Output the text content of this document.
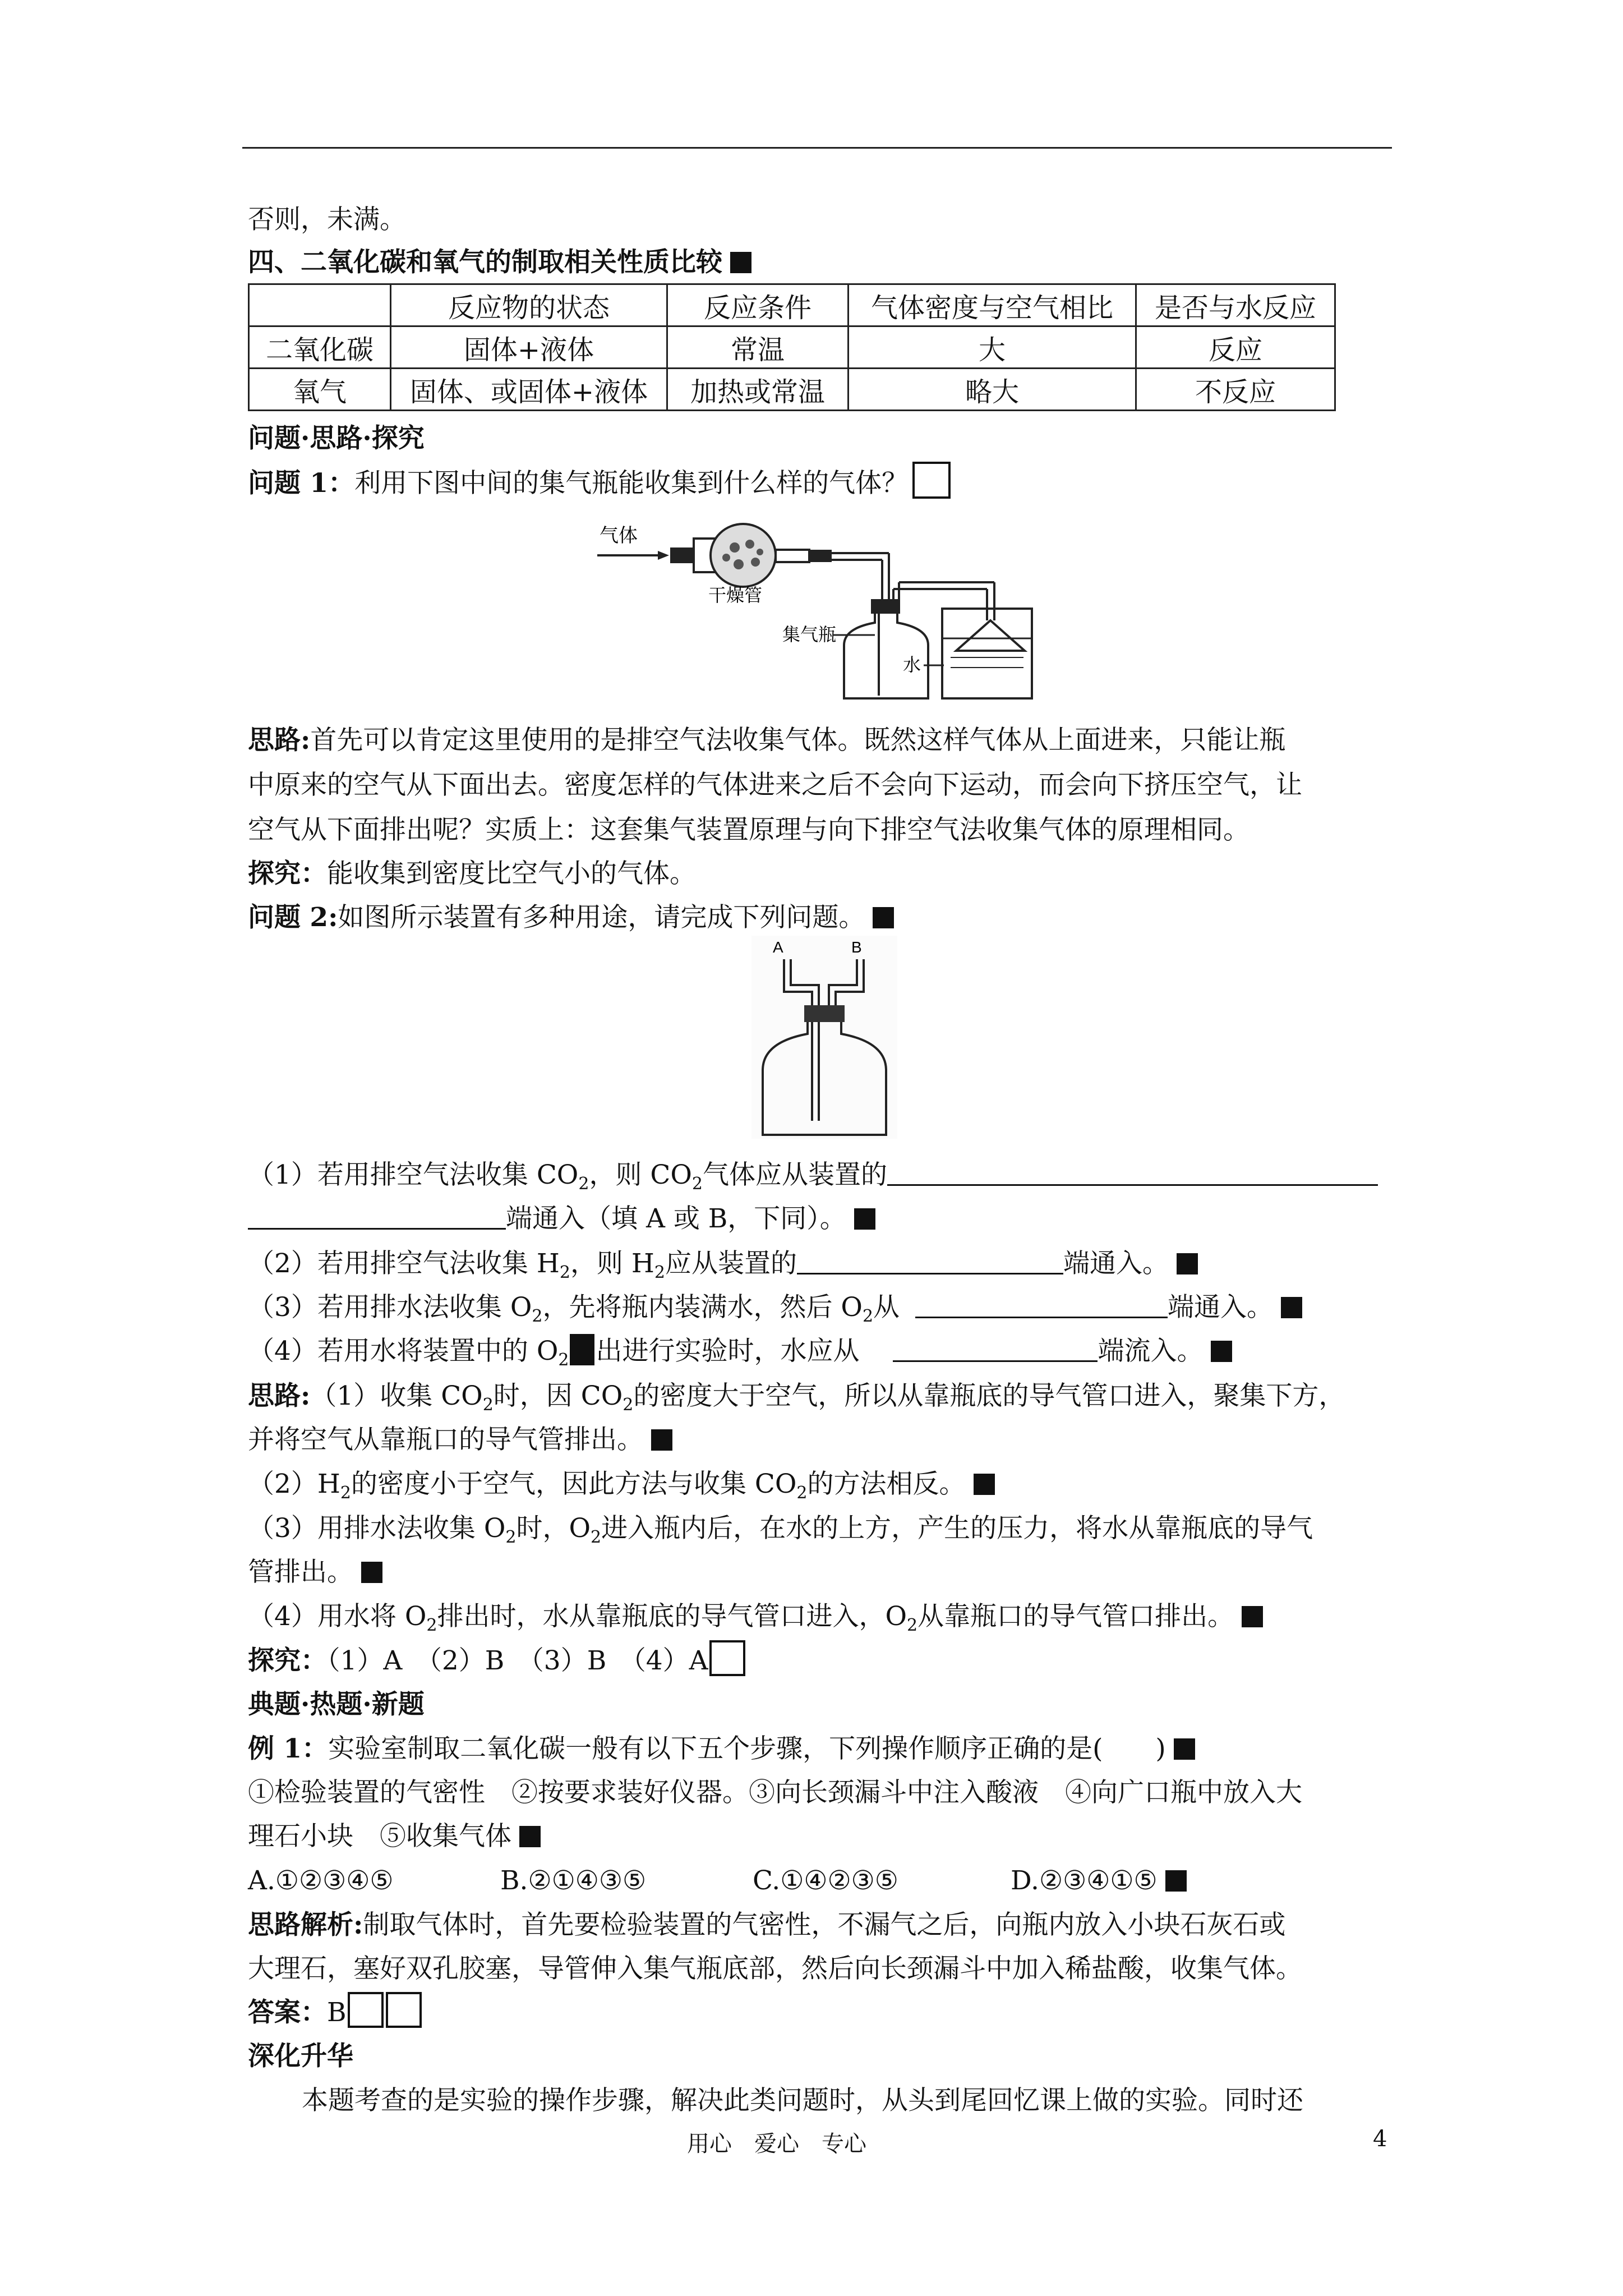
否则，未满。
四、二氧化碳和氧气的制取相关性质比较
	反应物的状态	反应条件	气体密度与空气相比	是否与水反应
二氧化碳	固体+液体	常温	大	反应
氧气	固体、或固体+液体	加热或常温	略大	不反应
问题·思路·探究
问题 1：利用下图中间的集气瓶能收集到什么样的气体？
气体
干燥管
集气瓶
水
思路:首先可以肯定这里使用的是排空气法收集气体。既然这样气体从上面进来，只能让瓶
中原来的空气从下面出去。密度怎样的气体进来之后不会向下运动，而会向下挤压空气，让
空气从下面排出呢？实质上：这套集气装置原理与向下排空气法收集气体的原理相同。
探究：能收集到密度比空气小的气体。
问题 2:如图所示装置有多种用途，请完成下列问题。
A	B
（1）若用排空气法收集 $CO_2$，则 $CO_2$气体应从装置的
端通入（填 A 或 B，下同）。
（2）若用排空气法收集 $H_2$，则 $H_2$应从装置的	端通入。
（3）若用排水法收集 $O_2$，先将瓶内装满水，然后 $O_2$从	端通入。
（4）若用水将装置中的 $O_2$ 出进行实验时，水应从	端流入。
思路:（1）收集 $CO_2$时，因 $CO_2$的密度大于空气，所以从靠瓶底的导气管口进入，聚集下方，
并将空气从靠瓶口的导气管排出。
$(2)H_2$的密度小于空气，因此方法与收集 $CO_2$的方法相反。
（3）用排水法收集 $O_2$时，$O_2$进入瓶内后，在水的上方，产生的压力，将水从靠瓶底的导气
管排出。
（4）用水将 $O_2$排出时，水从靠瓶底的导气管口进入，$O_2$从靠瓶口的导气管口排出。
探究：（1）A　（2）B　（3）B　（4）A
典题·热题·新题
例 1：实验室制取二氧化碳一般有以下五个步骤，下列操作顺序正确的是(　　)
①检验装置的气密性　②按要求装好仪器。③向长颈漏斗中注入酸液　④向广口瓶中放入大
理石小块　⑤收集气体
A.①②③④⑤	B.②①④③⑤	C.①④②③⑤	D.②③④①⑤
思路解析:制取气体时，首先要检验装置的气密性，不漏气之后，向瓶内放入小块石灰石或
大理石，塞好双孔胶塞，导管伸入集气瓶底部，然后向长颈漏斗中加入稀盐酸，收集气体。
答案：B
深化升华
本题考查的是实验的操作步骤，解决此类问题时，从头到尾回忆课上做的实验。同时还
用心　爱心　专心	4
